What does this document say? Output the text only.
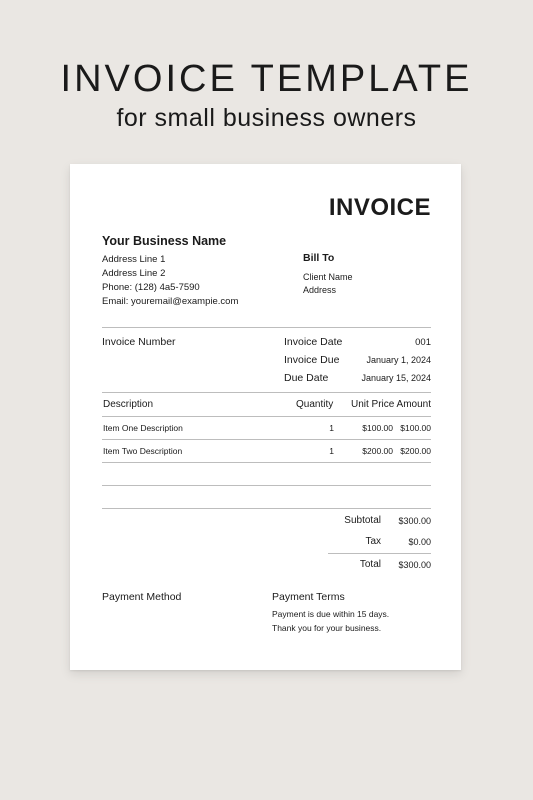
INVOICE TEMPLATE
for small business owners
INVOICE
Your Business Name
Address Line 1
Address Line 2
Phone: (128) 4a5-7590
Email: youremail@exampie.com
Bill To
Client Name
Address
Invoice Number	Invoice Date	001
Invoice Due	January 1, 2024
Due Date	January 15, 2024
Description	Quantity Unit Price Amount
Item One Description	1	$100.00 $100.00
Item Two Description	1	$200.00 $200.00
Subtotal $300.00
Tax	$0.00
Total $300.00
Payment Method	Payment Terms
Payment is due within 15 days.
Thank you for your business.
